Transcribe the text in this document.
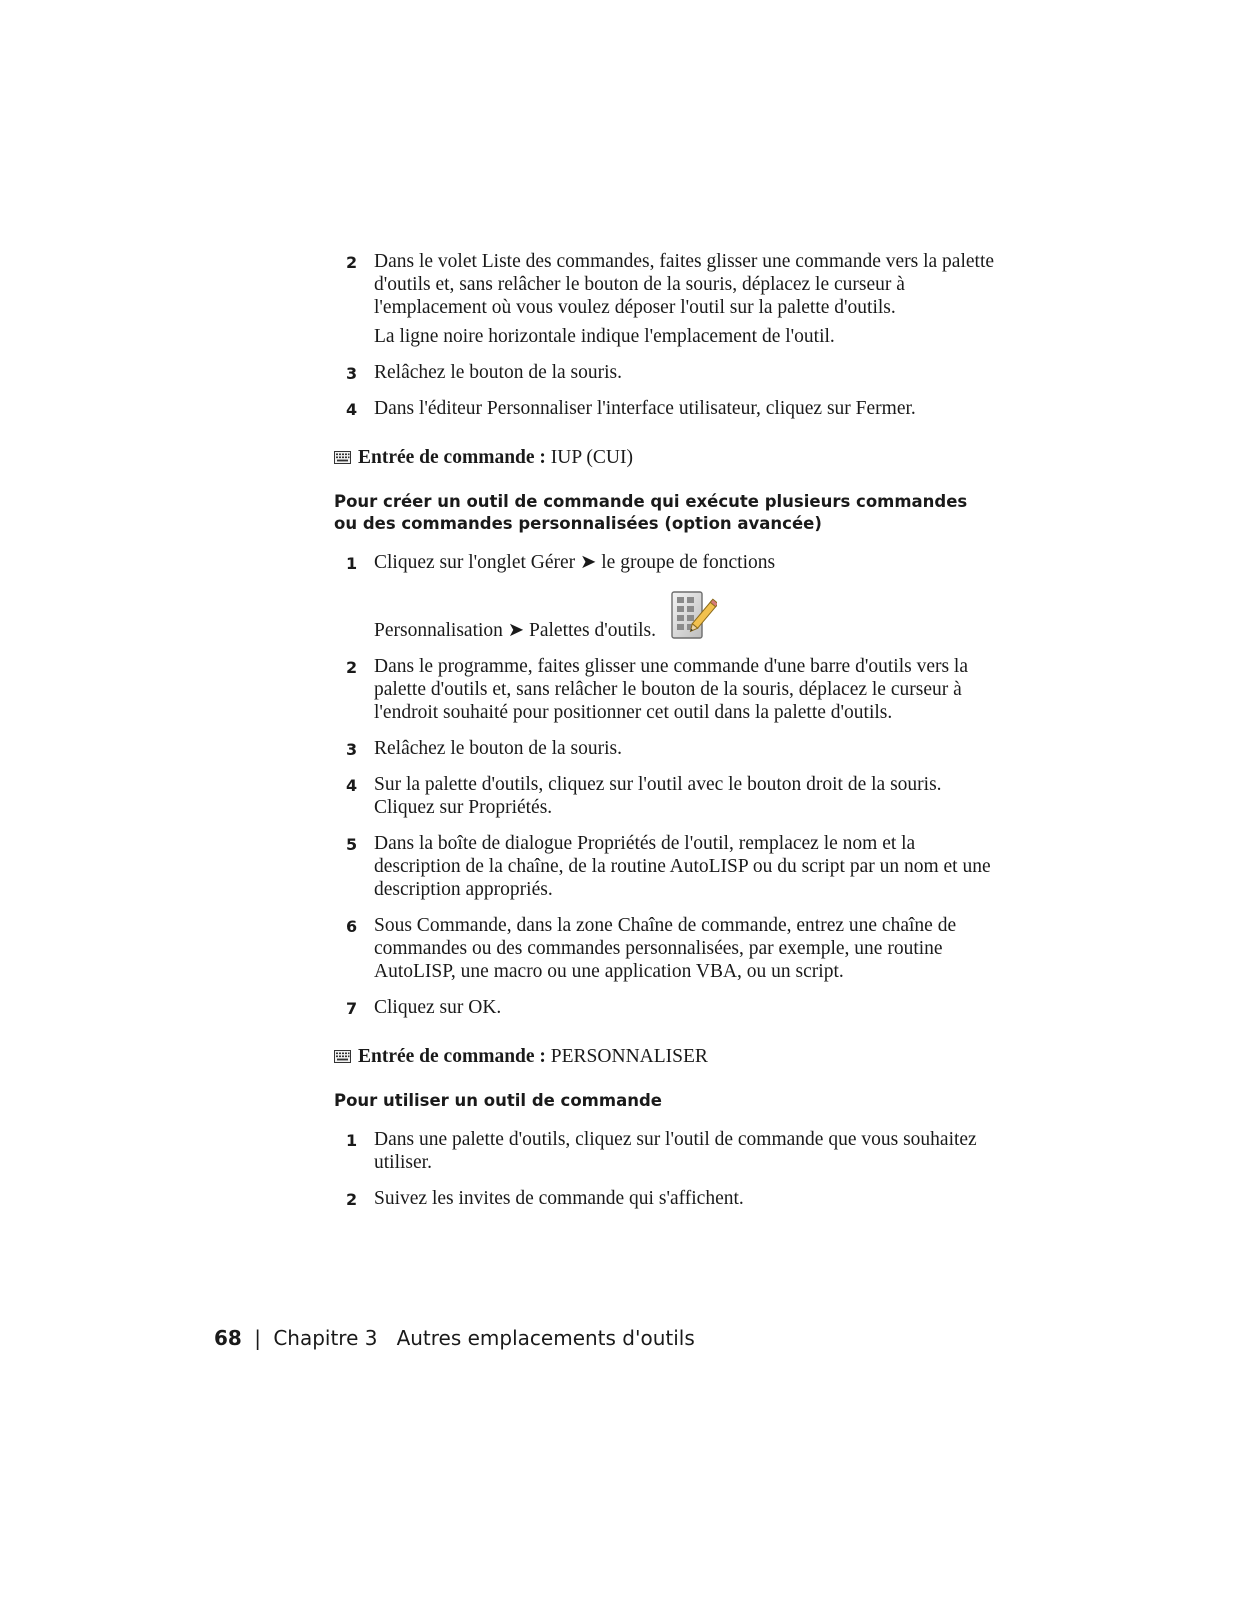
2 Dans le volet Liste des commandes, faites glisser une commande vers la palette d'outils et, sans relâcher le bouton de la souris, déplacez le curseur à l'emplacement où vous voulez déposer l'outil sur la palette d'outils.
La ligne noire horizontale indique l'emplacement de l'outil.
3 Relâchez le bouton de la souris.
4 Dans l'éditeur Personnaliser l'interface utilisateur, cliquez sur Fermer.
Entrée de commande : IUP (CUI)
Pour créer un outil de commande qui exécute plusieurs commandes ou des commandes personnalisées (option avancée)
1 Cliquez sur l'onglet Gérer ➤ le groupe de fonctions
Personnalisation ➤ Palettes d'outils.
2 Dans le programme, faites glisser une commande d'une barre d'outils vers la palette d'outils et, sans relâcher le bouton de la souris, déplacez le curseur à l'endroit souhaité pour positionner cet outil dans la palette d'outils.
3 Relâchez le bouton de la souris.
4 Sur la palette d'outils, cliquez sur l'outil avec le bouton droit de la souris. Cliquez sur Propriétés.
5 Dans la boîte de dialogue Propriétés de l'outil, remplacez le nom et la description de la chaîne, de la routine AutoLISP ou du script par un nom et une description appropriés.
6 Sous Commande, dans la zone Chaîne de commande, entrez une chaîne de commandes ou des commandes personnalisées, par exemple, une routine AutoLISP, une macro ou une application VBA, ou un script.
7 Cliquez sur OK.
Entrée de commande : PERSONNALISER
Pour utiliser un outil de commande
1 Dans une palette d'outils, cliquez sur l'outil de commande que vous souhaitez utiliser.
2 Suivez les invites de commande qui s'affichent.
68 | Chapitre 3 Autres emplacements d'outils
